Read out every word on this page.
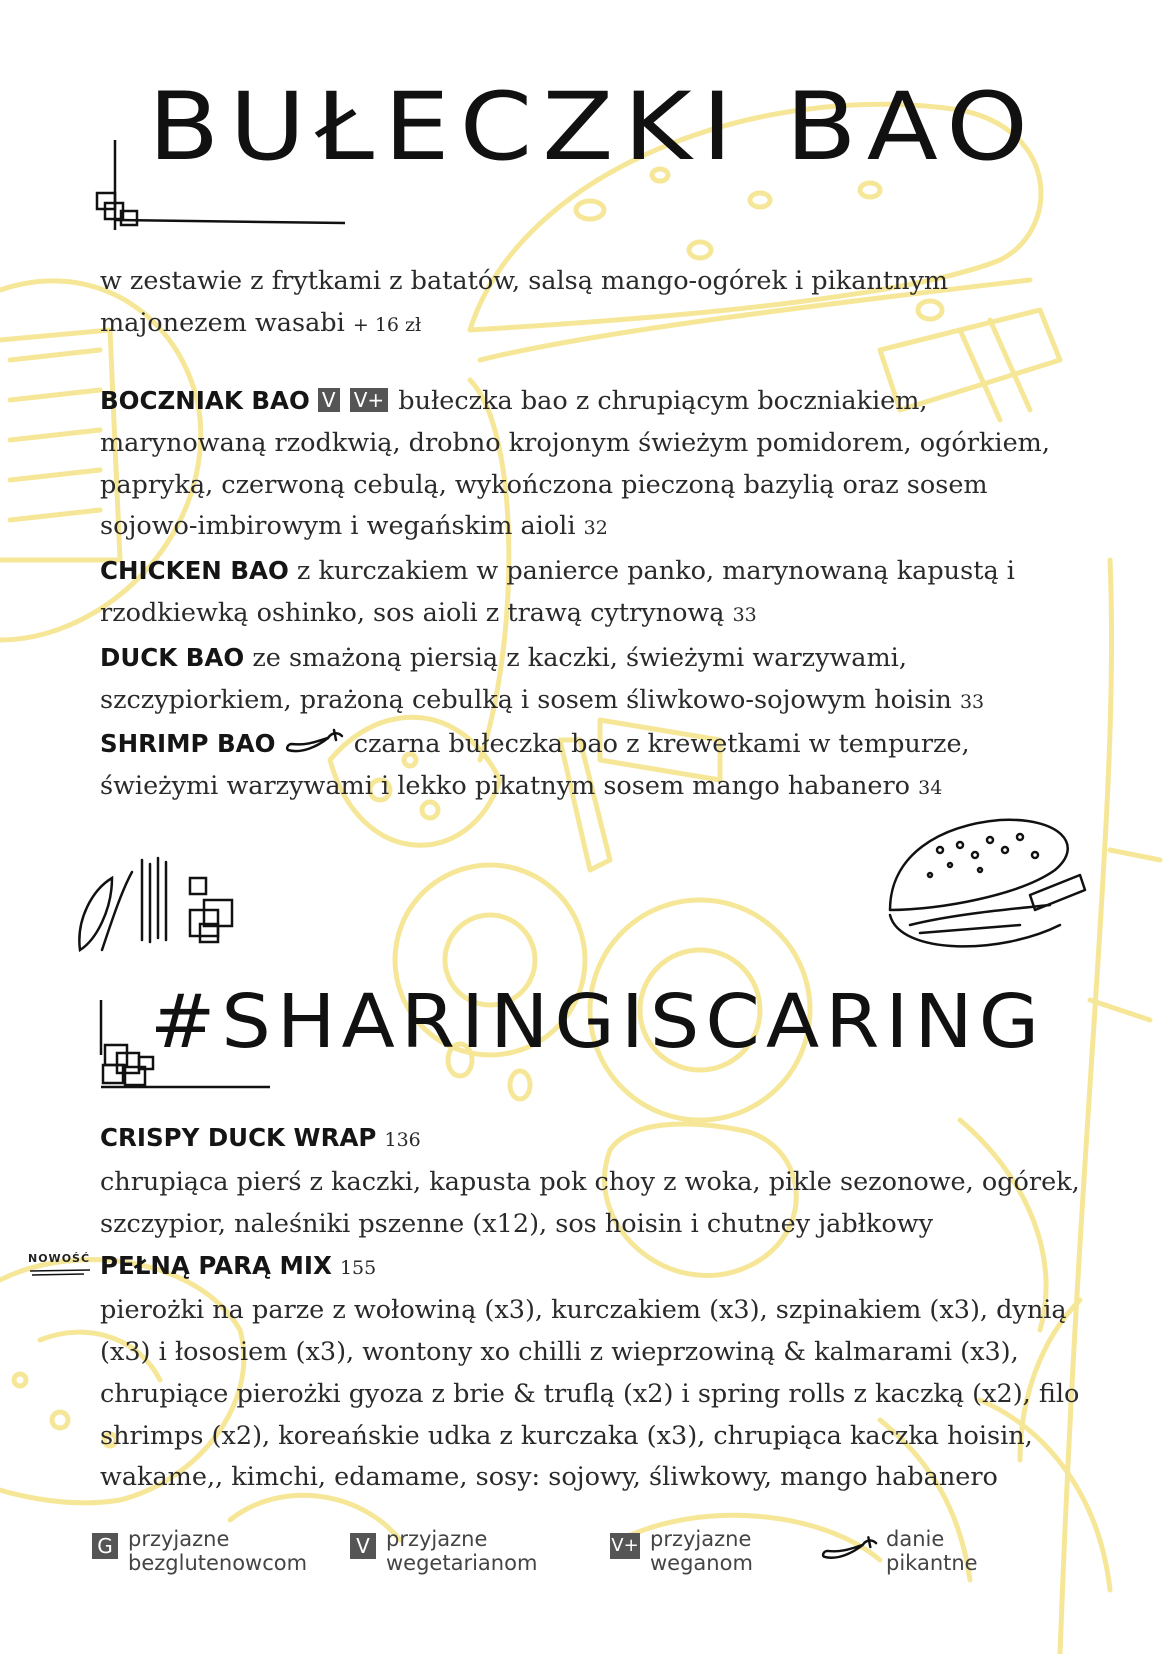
BUŁECZKI BAO
w zestawie z frytkami z batatów, salsą mango-ogórek i pikantnym majonezem wasabi + 16 zł
BOCZNIAK BAO V V+ bułeczka bao z chrupiącym boczniakiem, marynowaną rzodkwią, drobno krojonym świeżym pomidorem, ogórkiem, papryką, czerwoną cebulą, wykończona pieczoną bazylią oraz sosem sojowo-imbirowym i wegańskim aioli 32
CHICKEN BAO z kurczakiem w panierce panko, marynowaną kapustą i rzodkiewką oshinko, sos aioli z trawą cytrynową 33
DUCK BAO ze smażoną piersią z kaczki, świeżymi warzywami, szczypiorkiem, prażoną cebulką i sosem śliwkowo-sojowym hoisin 33
SHRIMP BAO	czarna bułeczka bao z krewetkami w tempurze, świeżymi warzywami i lekko pikatnym sosem mango habanero 34
#SHARINGISCARING
CRISPY DUCK WRAP 136
chrupiąca pierś z kaczki, kapusta pok choy z woka, pikle sezonowe, ogórek, szczypior, naleśniki pszenne (x12), sos hoisin i chutney jabłkowy
PEŁNĄ PARĄ MIX 155
pierożki na parze z wołowiną (x3), kurczakiem (x3), szpinakiem (x3), dynią (x3) i łososiem (x3), wontony xo chilli z wieprzowiną & kalmarami (x3), chrupiące pierożki gyoza z brie & truflą (x2) i spring rolls z kaczką (x2), filo shrimps (x2), koreańskie udka z kurczaka (x3), chrupiąca kaczka hoisin, wakame,, kimchi, edamame, sosy: sojowy, śliwkowy, mango habanero
NOWOŚĆ
G przyjazne
bezglutenowcom
V przyjazne
wegetarianom
V+ przyjazne
weganom
danie
pikantne
